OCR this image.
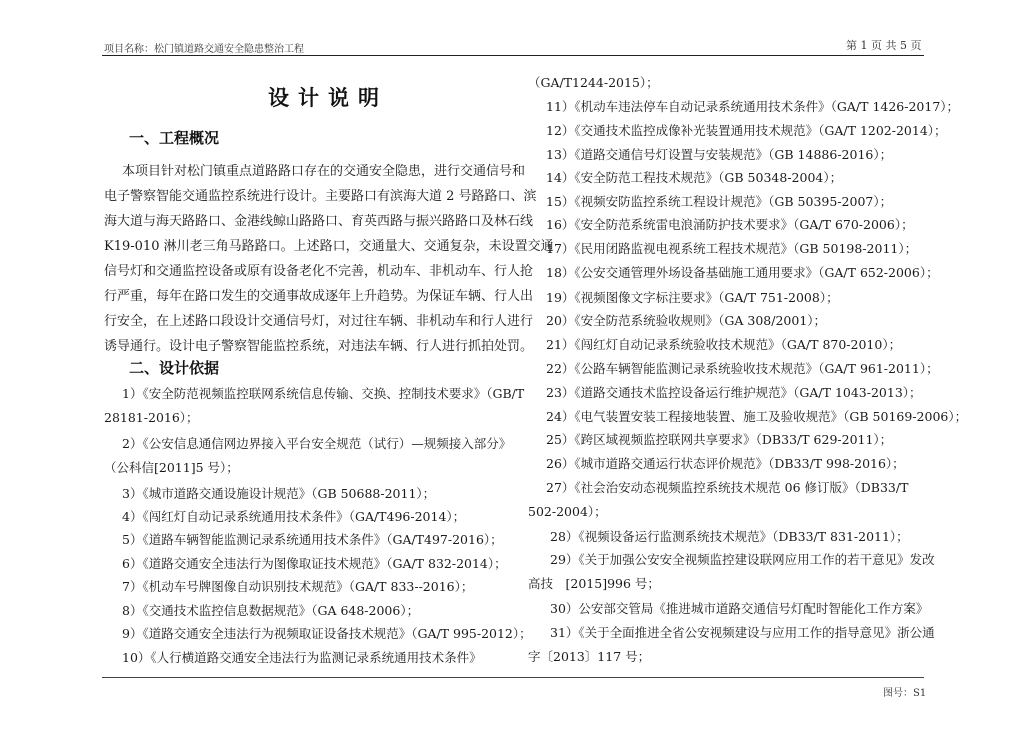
项目名称：松门镇道路交通安全隐患整治工程	第 1 页 共 5 页
设计说明
一、工程概况
本项目针对松门镇重点道路路口存在的交通安全隐患，进行交通信号和
电子警察智能交通监控系统进行设计。主要路口有滨海大道 2 号路路口、滨
海大道与海天路路口、金港线鲸山路路口、育英西路与振兴路路口及林石线
K19-010 淋川老三角马路路口。上述路口，交通量大、交通复杂，未设置交通
信号灯和交通监控设备或原有设备老化不完善，机动车、非机动车、行人抢
行严重，每年在路口发生的交通事故成逐年上升趋势。为保证车辆、行人出
行安全，在上述路口段设计交通信号灯，对过往车辆、非机动车和行人进行
诱导通行。设计电子警察智能监控系统，对违法车辆、行人进行抓拍处罚。
二、设计依据
1）《安全防范视频监控联网系统信息传输、交换、控制技术要求》（GB/T
28181-2016）；
2）《公安信息通信网边界接入平台安全规范（试行）—规频接入部分》
（公科信[2011]5 号）；
3）《城市道路交通设施设计规范》（GB 50688-2011）；
4）《闯红灯自动记录系统通用技术条件》（GA/T496-2014）；
5）《道路车辆智能监测记录系统通用技术条件》（GA/T497-2016）；
6）《道路交通安全违法行为图像取证技术规范》（GA/T 832-2014）；
7）《机动车号牌图像自动识别技术规范》（GA/T 833--2016）；
8）《交通技术监控信息数据规范》（GA 648-2006）；
9）《道路交通安全违法行为视频取证设备技术规范》（GA/T 995-2012）；
10）《人行横道路交通安全违法行为监测记录系统通用技术条件》
（GA/T1244-2015）；
11）《机动车违法停车自动记录系统通用技术条件》（GA/T 1426-2017）；
12）《交通技术监控成像补光装置通用技术规范》（GA/T 1202-2014）；
13）《道路交通信号灯设置与安装规范》（GB 14886-2016）；
14）《安全防范工程技术规范》（GB 50348-2004）；
15）《视频安防监控系统工程设计规范》（GB 50395-2007）；
16）《安全防范系统雷电浪涌防护技术要求》（GA/T 670-2006）；
17）《民用闭路监视电视系统工程技术规范》（GB 50198-2011）；
18）《公安交通管理外场设备基础施工通用要求》（GA/T 652-2006）；
19）《视频图像文字标注要求》（GA/T 751-2008）；
20）《安全防范系统验收规则》（GA 308/2001）；
21）《闯红灯自动记录系统验收技术规范》（GA/T 870-2010）；
22）《公路车辆智能监测记录系统验收技术规范》（GA/T 961-2011）；
23）《道路交通技术监控设备运行维护规范》（GA/T 1043-2013）；
24）《电气装置安装工程接地装置、施工及验收规范》（GB 50169-2006）；
25）《跨区域视频监控联网共享要求》（DB33/T 629-2011）；
26）《城市道路交通运行状态评价规范》（DB33/T 998-2016）；
27）《社会治安动态视频监控系统技术规范 06 修订版》（DB33/T
502-2004）；
28）《视频设备运行监测系统技术规范》（DB33/T 831-2011）；
29）《关于加强公安安全视频监控建设联网应用工作的若干意见》发改
高技　[2015]996 号；
30）公安部交管局《推进城市道路交通信号灯配时智能化工作方案》
31）《关于全面推进全省公安视频建设与应用工作的指导意见》浙公通
字〔2013〕117 号；
图号：S1
